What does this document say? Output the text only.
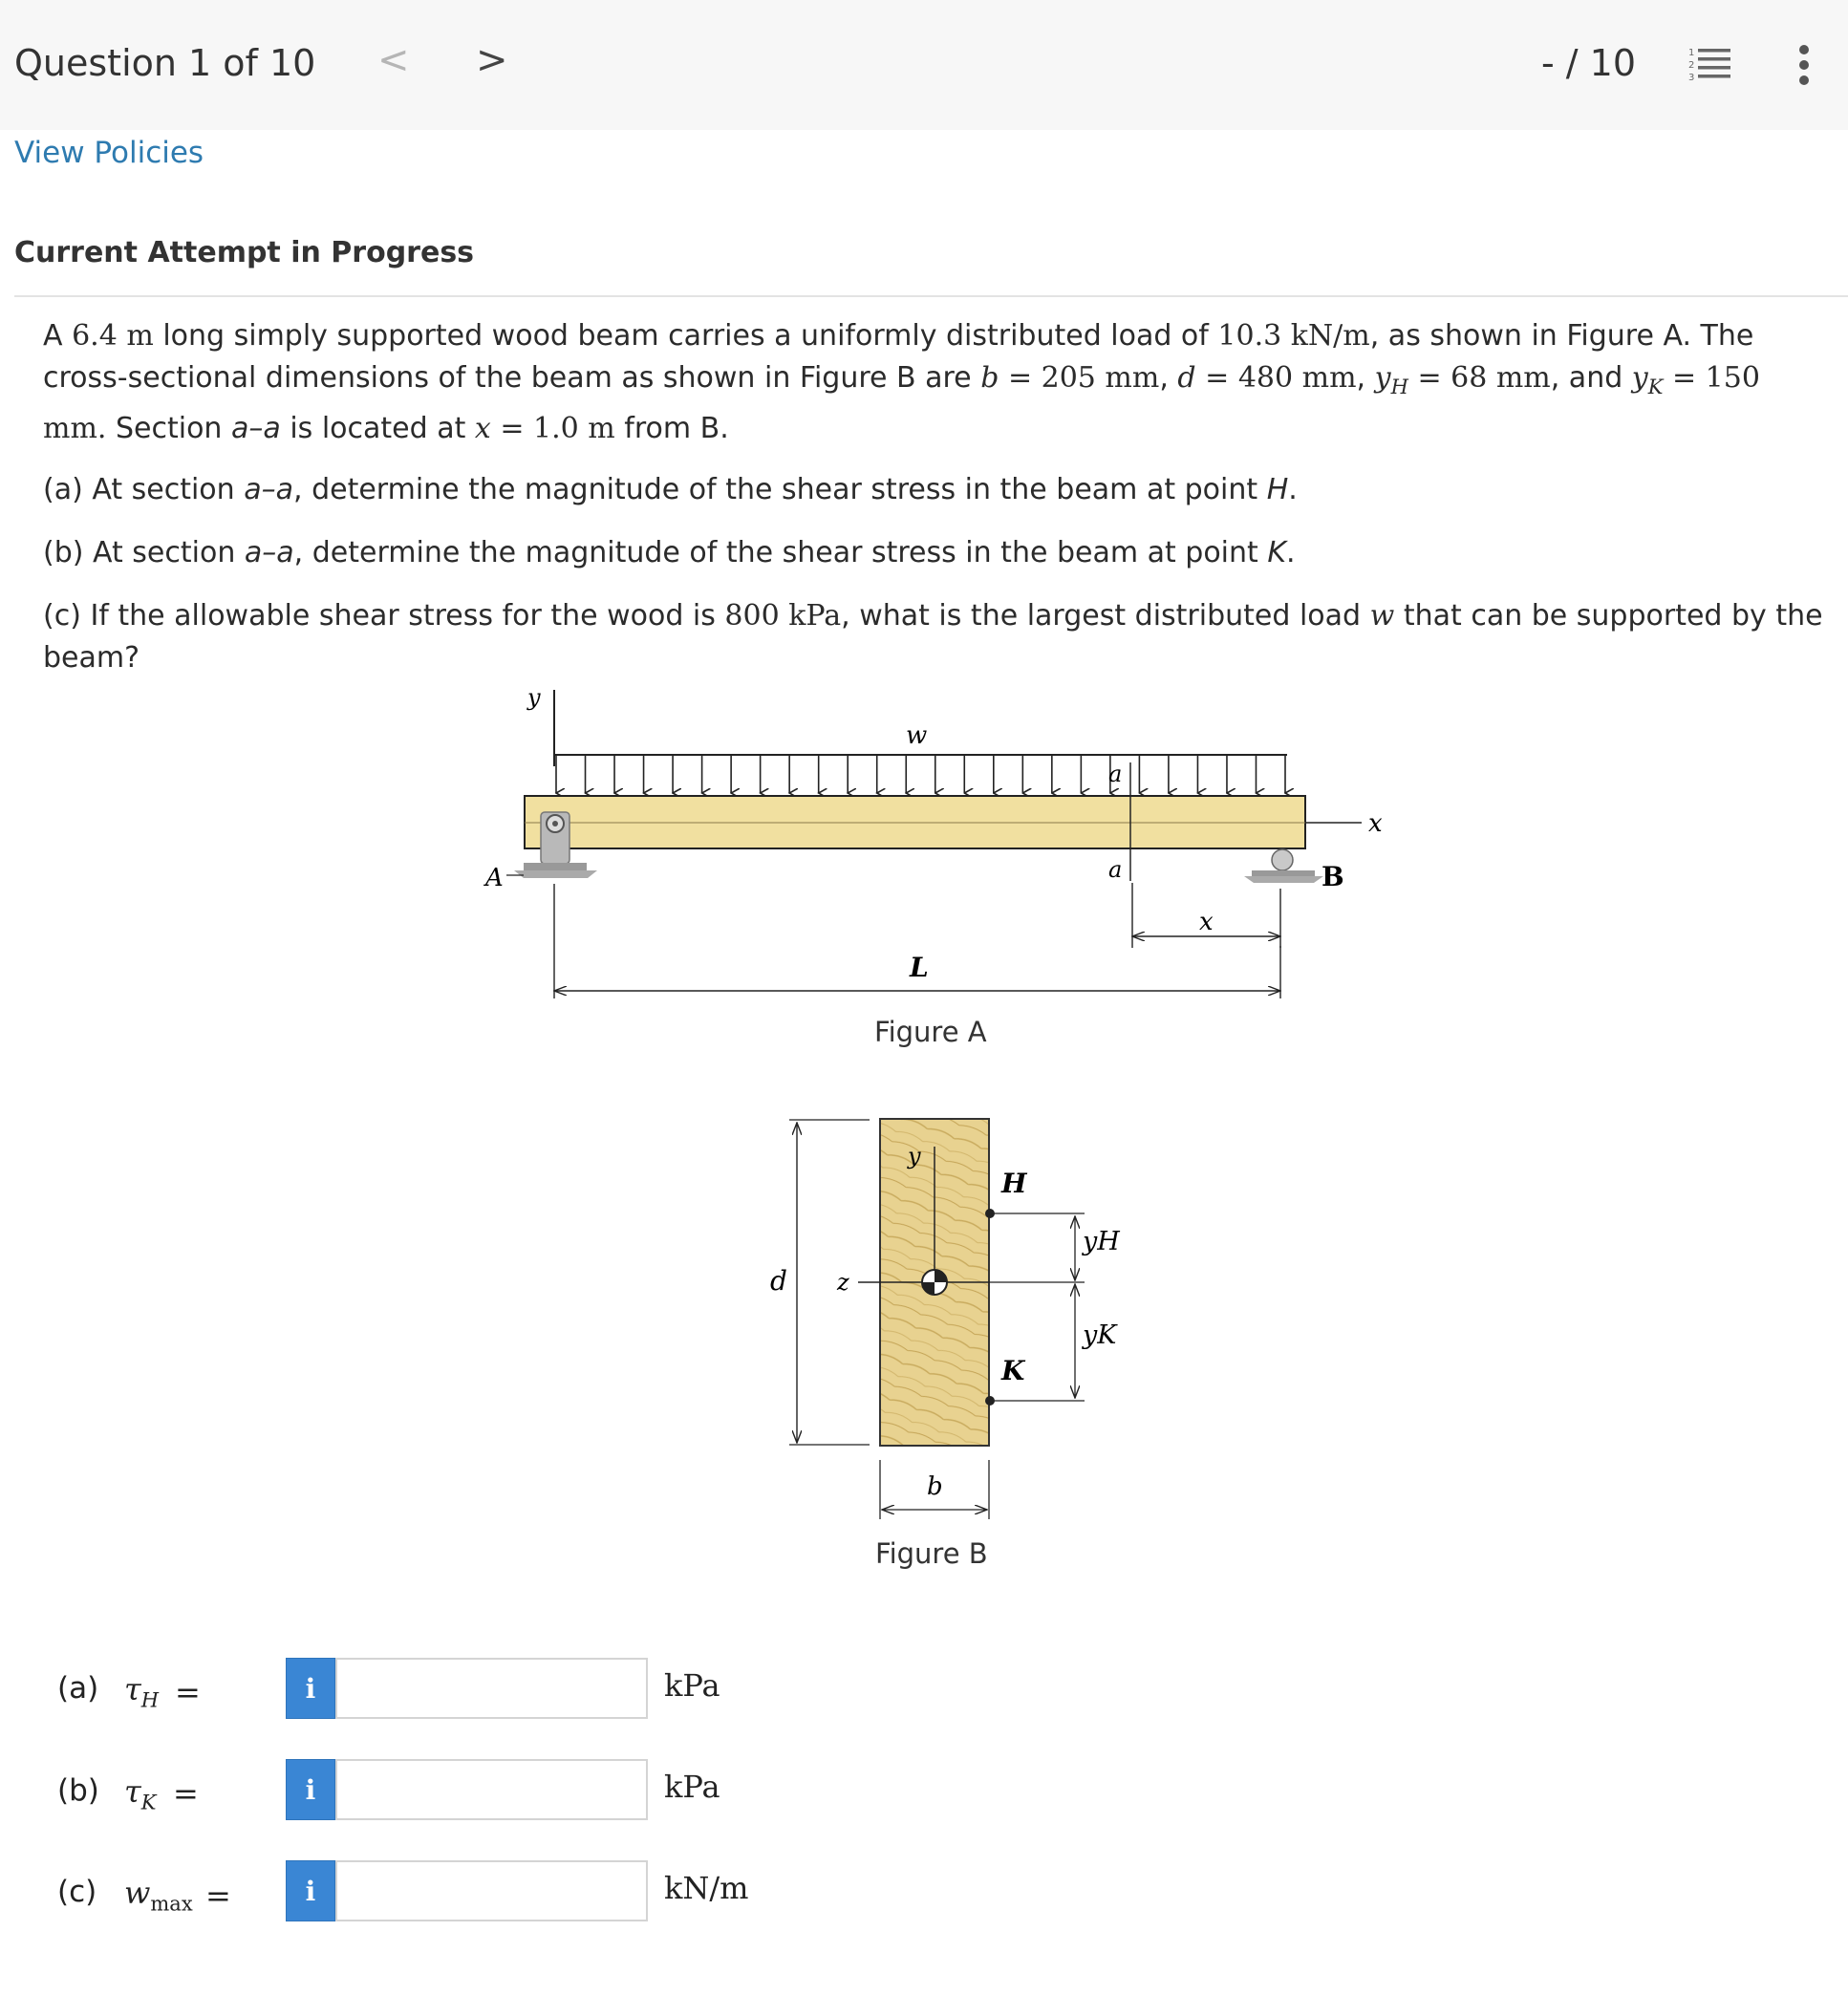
Question 1 of 10 < >	- / 10	1
2
3
View Policies
Current Attempt in Progress

A 6.4 m long simply supported wood beam carries a uniformly distributed load of 10.3 kN/m, as shown in Figure A. The cross-sectional dimensions of the beam as shown in Figure B are b = 205 mm, d = 480 mm, $y_H = 68$ mm, and $y_K = 150$ mm. Section a–a is located at x = 1.0 m from B.

(a) At section a–a, determine the magnitude of the shear stress in the beam at point H.

(b) At section a–a, determine the magnitude of the shear stress in the beam at point K.

(c) If the allowable shear stress for the wood is 800 kPa, what is the largest distributed load w that can be supported by the beam?

y
w
x
a
a
A	B
x
L
Figure A
d
y
z
H
K
yH
yK
b
Figure B
(a) $\tau_H$ =	i	kPa
(b) $\tau_K$ =	i	kPa
(c) $w_{max}$ =	i	kN/m
